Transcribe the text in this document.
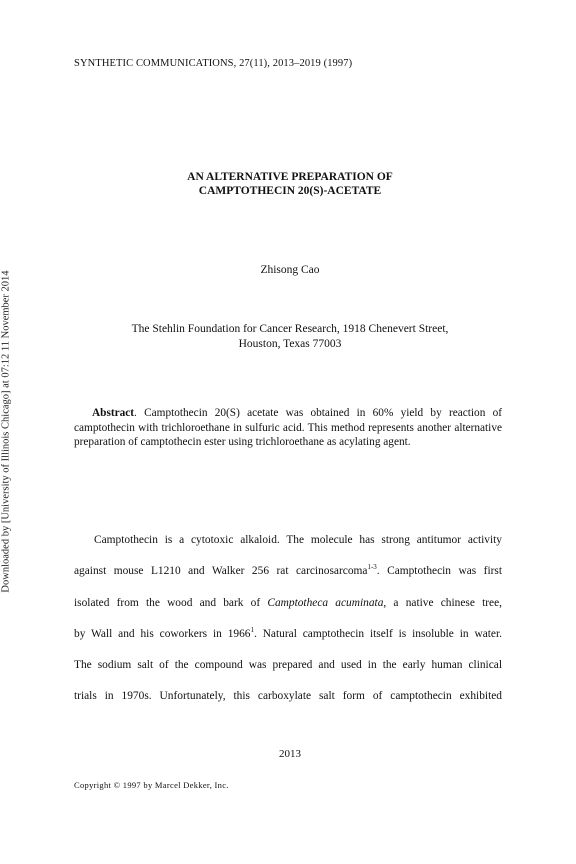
SYNTHETIC COMMUNICATIONS, 27(11), 2013–2019 (1997)
Downloaded by [University of Illinois Chicago] at 07:12 11 November 2014
AN ALTERNATIVE PREPARATION OF
CAMPTOTHECIN 20(S)-ACETATE
Zhisong Cao
The Stehlin Foundation for Cancer Research, 1918 Chenevert Street,
Houston, Texas 77003
Abstract. Camptothecin 20(S) acetate was obtained in 60% yield by reaction of camptothecin with trichloroethane in sulfuric acid. This method represents another alternative preparation of camptothecin ester using trichloroethane as acylating agent.
Camptothecin is a cytotoxic alkaloid. The molecule has strong antitumor activity
against mouse L1210 and Walker 256 rat carcinosarcoma$^{1-3}$. Camptothecin was first
isolated from the wood and bark of Camptotheca acuminata, a native chinese tree,
by Wall and his coworkers in 1966$^1$. Natural camptothecin itself is insoluble in water.
The sodium salt of the compound was prepared and used in the early human clinical
trials in 1970s. Unfortunately, this carboxylate salt form of camptothecin exhibited
2013
Copyright © 1997 by Marcel Dekker, Inc.
